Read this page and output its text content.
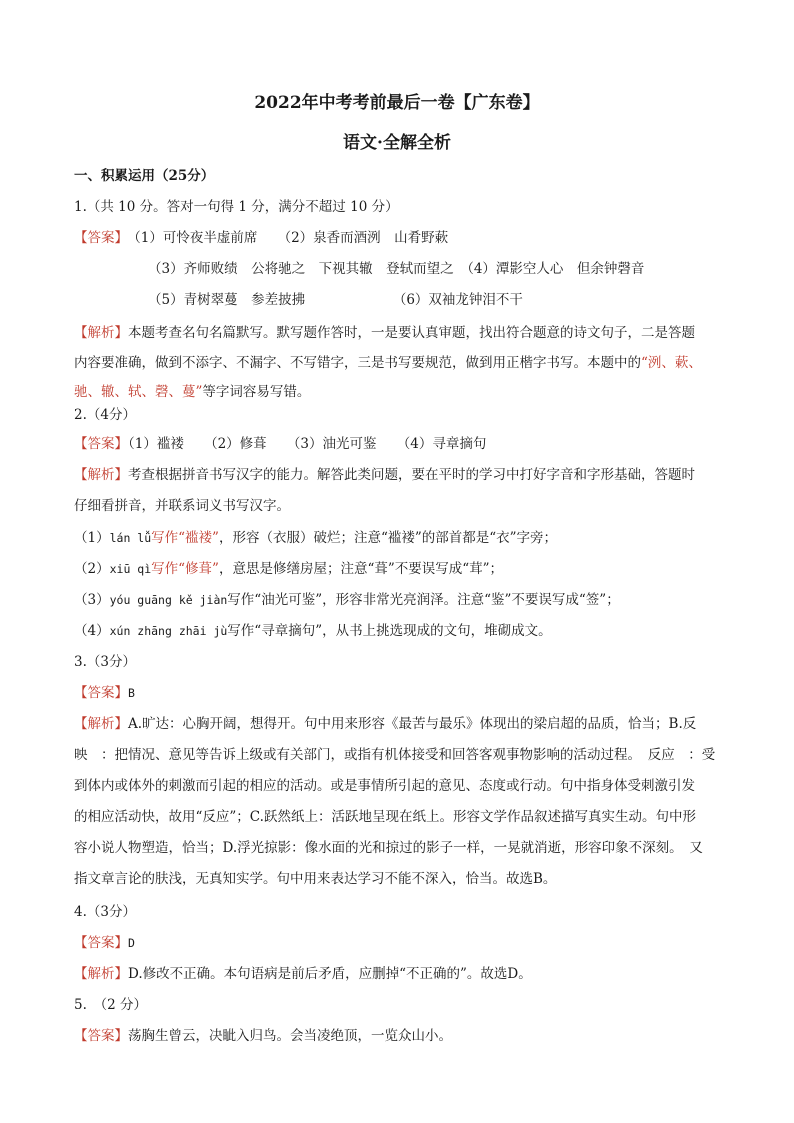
2022年中考考前最后一卷【广东卷】
语文·全解全析
一、积累运用（25分）
1.（共 10 分。答对一句得 1 分，满分不超过 10 分）
【答案】 （1）可怜夜半虚前席　　（2）泉香而酒洌　山肴野蔌
（3）齐师败绩　公将驰之　下视其辙　登轼而望之　（4）潭影空人心　但余钟磬音
（5）青树翠蔓　参差披拂　　　　　　　（6）双袖龙钟泪不干
【解析】本题考查名句名篇默写。默写题作答时，一是要认真审题，找出符合题意的诗文句子，二是答题
内容要准确，做到不添字、不漏字、不写错字，三是书写要规范，做到用正楷字书写。本题中的“洌、蔌、
驰、辙、轼、磬、蔓”等字词容易写错。
2.（4分）
【答案】（1）褴褛　　（2）修葺　　（3）油光可鉴　　（4）寻章摘句
【解析】考查根据拼音书写汉字的能力。解答此类问题，要在平时的学习中打好字音和字形基础，答题时
仔细看拼音，并联系词义书写汉字。
（1）lán lǚ写作“褴褛”，形容（衣服）破烂；注意“褴褛”的部首都是“衣”字旁；
（2）xiū qì写作“修葺”，意思是修缮房屋；注意“葺”不要误写成“茸”；
（3）yóu guāng kě jiàn写作“油光可鉴”，形容非常光亮润泽。注意“鉴”不要误写成“签”；
（4）xún zhāng zhāi jù写作“寻章摘句”，从书上挑选现成的文句，堆砌成文。
3.（3分）
【答案】B
【解析】A.旷达：心胸开阔，想得开。句中用来形容《最苦与最乐》体现出的梁启超的品质，恰当；B.反
映　：把情况、意见等告诉上级或有关部门，或指有机体接受和回答客观事物影响的活动过程。　反应　：受
到体内或体外的刺激而引起的相应的活动。或是事情所引起的意见、态度或行动。句中指身体受刺激引发
的相应活动快，故用“反应”；C.跃然纸上：活跃地呈现在纸上。形容文学作品叙述描写真实生动。句中形
容小说人物塑造，恰当；D.浮光掠影：像水面的光和掠过的影子一样，一晃就消逝，形容印象不深刻。　又
指文章言论的肤浅，无真知实学。句中用来表达学习不能不深入，恰当。故选B。
4.（3分）
【答案】D
【解析】D.修改不正确。本句语病是前后矛盾，应删掉“不正确的”。故选D。
5.　（2 分）
【答案】荡胸生曾云，决眦入归鸟。会当凌绝顶，一览众山小。
